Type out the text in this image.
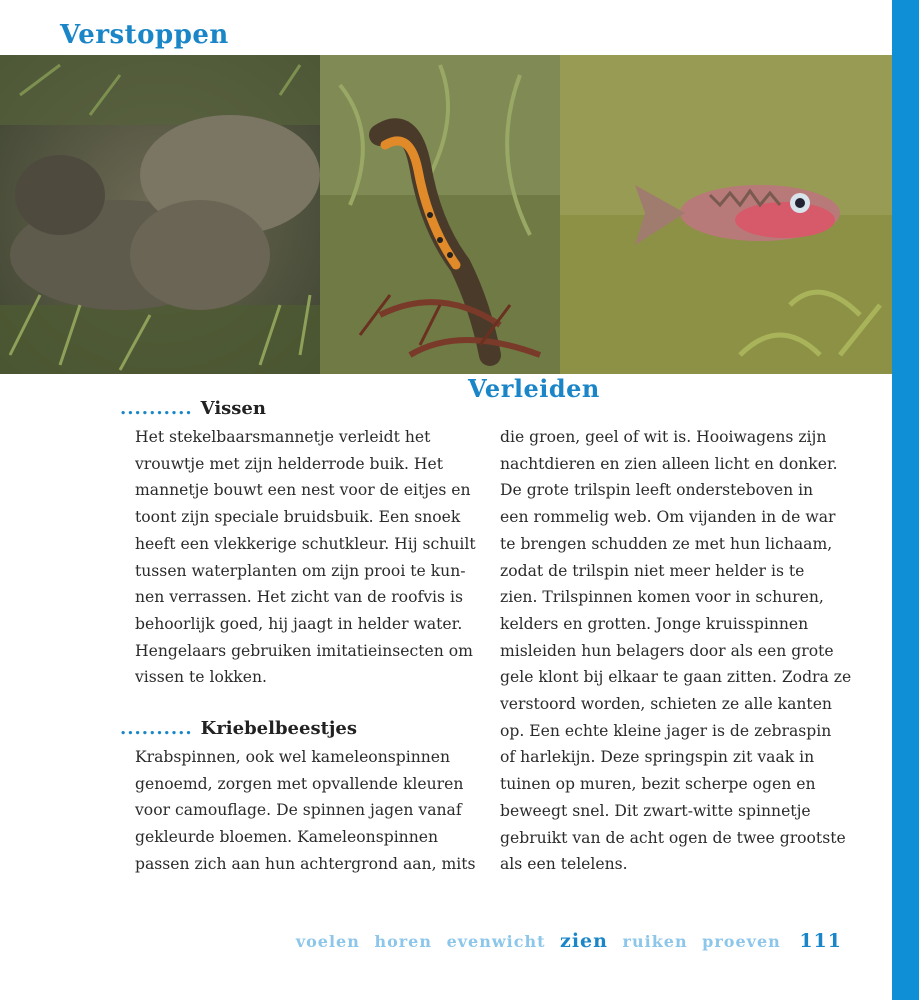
Verstoppen
Verleiden
.......... Vissen

Het stekelbaarsmannetje verleidt het
vrouwtje met zijn helderrode buik. Het
mannetje bouwt een nest voor de eitjes en
toont zijn speciale bruidsbuik. Een snoek
heeft een vlekkerige schutkleur. Hij schuilt
tussen waterplanten om zijn prooi te kun-
nen verrassen. Het zicht van de roofvis is
behoorlijk goed, hij jaagt in helder water.
Hengelaars gebruiken imitatieinsecten om
vissen te lokken.

.......... Kriebelbeestjes

Krabspinnen, ook wel kameleonspinnen
genoemd, zorgen met opvallende kleuren
voor camouflage. De spinnen jagen vanaf
gekleurde bloemen. Kameleonspinnen
passen zich aan hun achtergrond aan, mits

die groen, geel of wit is. Hooiwagens zijn
nachtdieren en zien alleen licht en donker.
De grote trilspin leeft ondersteboven in
een rommelig web. Om vijanden in de war
te brengen schudden ze met hun lichaam,
zodat de trilspin niet meer helder is te
zien. Trilspinnen komen voor in schuren,
kelders en grotten. Jonge kruisspinnen
misleiden hun belagers door als een grote
gele klont bij elkaar te gaan zitten. Zodra ze
verstoord worden, schieten ze alle kanten
op. Een echte kleine jager is de zebraspin
of harlekijn. Deze springspin zit vaak in
tuinen op muren, bezit scherpe ogen en
beweegt snel. Dit zwart-witte spinnetje
gebruikt van de acht ogen de twee grootste
als een telelens.

voelen horen evenwicht zien ruiken proeven 111
